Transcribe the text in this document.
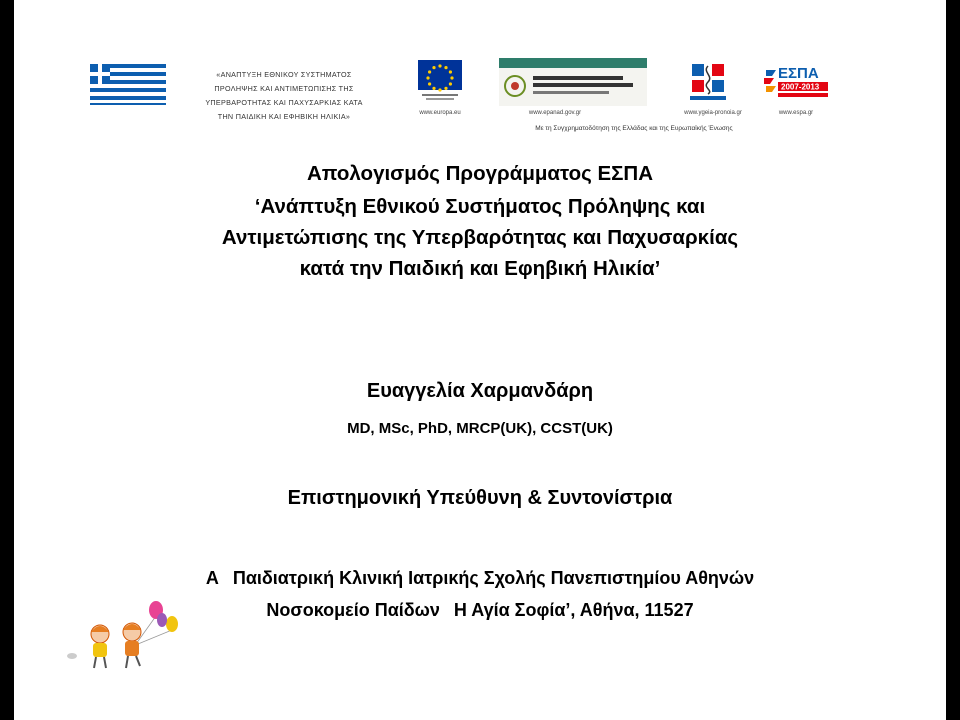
«ΑΝΑΠΤΥΞΗ ΕΘΝΙΚΟΥ ΣΥΣΤΗΜΑΤΟΣ
ΠΡΟΛΗΨΗΣ ΚΑΙ ΑΝΤΙΜΕΤΩΠΙΣΗΣ ΤΗΣ
ΥΠΕΡΒΑΡΟΤΗΤΑΣ ΚΑΙ ΠΑΧΥΣΑΡΚΙΑΣ ΚΑΤΑ
ΤΗΝ ΠΑΙΔΙΚΗ ΚΑΙ ΕΦΗΒΙΚΗ ΗΛΙΚΙΑ»	www.europa.eu	www.epanad.gov.gr	www.ygeia-pronoia.gr
ΕΣΠΑ
2007-2013
www.espa.gr
Με τη Συγχρηματοδότηση της Ελλάδας και της Ευρωπαϊκής Ένωσης
Απολογισμός Προγράμματος ΕΣΠΑ
‘Ανάπτυξη Εθνικού Συστήματος Πρόληψης και
Αντιμετώπισης της Υπερβαρότητας και Παχυσαρκίας
κατά την Παιδική και Εφηβική Ηλικία’
Ευαγγελία Χαρμανδάρη
MD, MSc, PhD, MRCP(UK), CCST(UK)
Επιστημονική Υπεύθυνη & Συντονίστρια
Α Παιδιατρική Κλινική Ιατρικής Σχολής Πανεπιστημίου Αθηνών
Νοσοκομείο Παίδων Η Αγία Σοφία’, Αθήνα, 11527
